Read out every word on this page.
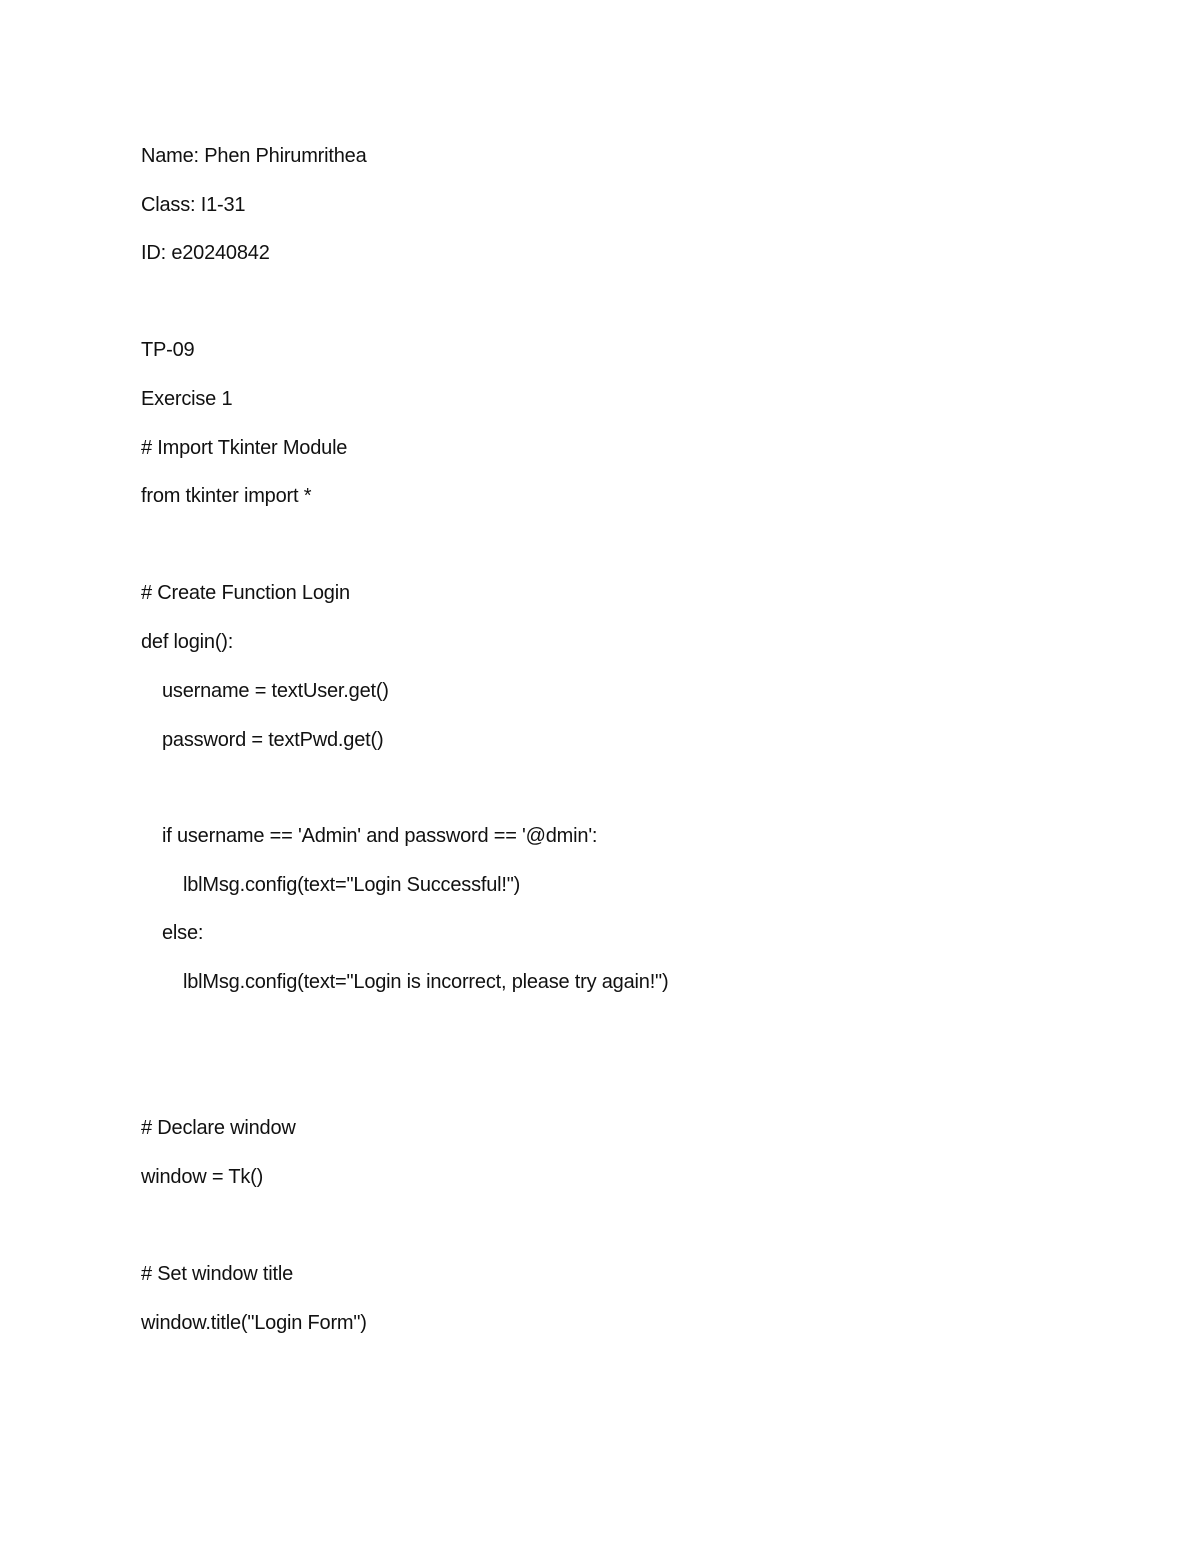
Name: Phen Phirumrithea
Class: I1-31
ID: e20240842
TP-09
Exercise 1
# Import Tkinter Module
from tkinter import *
# Create Function Login
def login():
username = textUser.get()
password = textPwd.get()
if username == 'Admin' and password == '@dmin':
lblMsg.config(text="Login Successful!")
else:
lblMsg.config(text="Login is incorrect, please try again!")
# Declare window
window = Tk()
# Set window title
window.title("Login Form")
